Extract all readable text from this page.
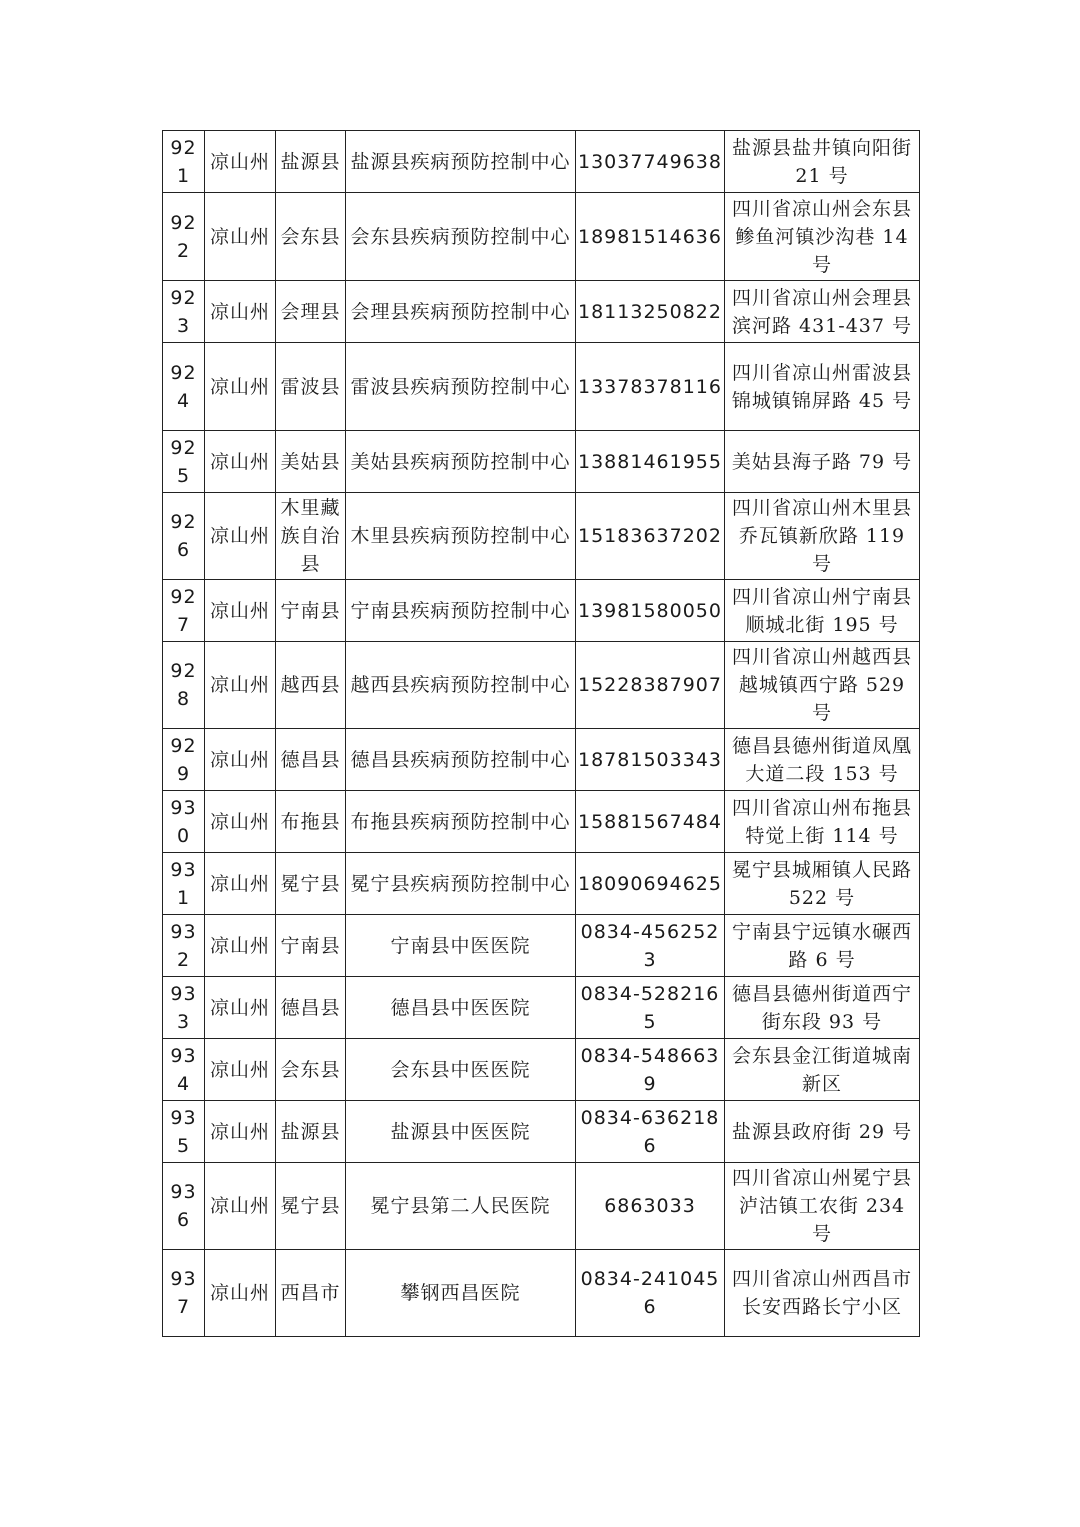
921	凉山州	盐源县	盐源县疾病预防控制中心	13037749638	盐源县盐井镇向阳街 21 号
922	凉山州	会东县	会东县疾病预防控制中心	18981514636	四川省凉山州会东县鲹鱼河镇沙沟巷 14 号
923	凉山州	会理县	会理县疾病预防控制中心	18113250822	四川省凉山州会理县滨河路 431-437 号
924	凉山州	雷波县	雷波县疾病预防控制中心	13378378116	四川省凉山州雷波县锦城镇锦屏路 45 号
925	凉山州	美姑县	美姑县疾病预防控制中心	13881461955	美姑县海子路 79 号
926	凉山州	木里藏族自治县	木里县疾病预防控制中心	15183637202	四川省凉山州木里县乔瓦镇新欣路 119 号
927	凉山州	宁南县	宁南县疾病预防控制中心	13981580050	四川省凉山州宁南县顺城北街 195 号
928	凉山州	越西县	越西县疾病预防控制中心	15228387907	四川省凉山州越西县越城镇西宁路 529 号
929	凉山州	德昌县	德昌县疾病预防控制中心	18781503343	德昌县德州街道凤凰大道二段 153 号
930	凉山州	布拖县	布拖县疾病预防控制中心	15881567484	四川省凉山州布拖县特觉上街 114 号
931	凉山州	冕宁县	冕宁县疾病预防控制中心	18090694625	冕宁县城厢镇人民路 522 号
932	凉山州	宁南县	宁南县中医医院	0834-4562523	宁南县宁远镇水碾西路 6 号
933	凉山州	德昌县	德昌县中医医院	0834-5282165	德昌县德州街道西宁街东段 93 号
934	凉山州	会东县	会东县中医医院	0834-5486639	会东县金江街道城南新区
935	凉山州	盐源县	盐源县中医医院	0834-6362186	盐源县政府街 29 号
936	凉山州	冕宁县	冕宁县第二人民医院	6863033	四川省凉山州冕宁县泸沽镇工农街 234 号
937	凉山州	西昌市	攀钢西昌医院	0834-2410456	四川省凉山州西昌市长安西路长宁小区
